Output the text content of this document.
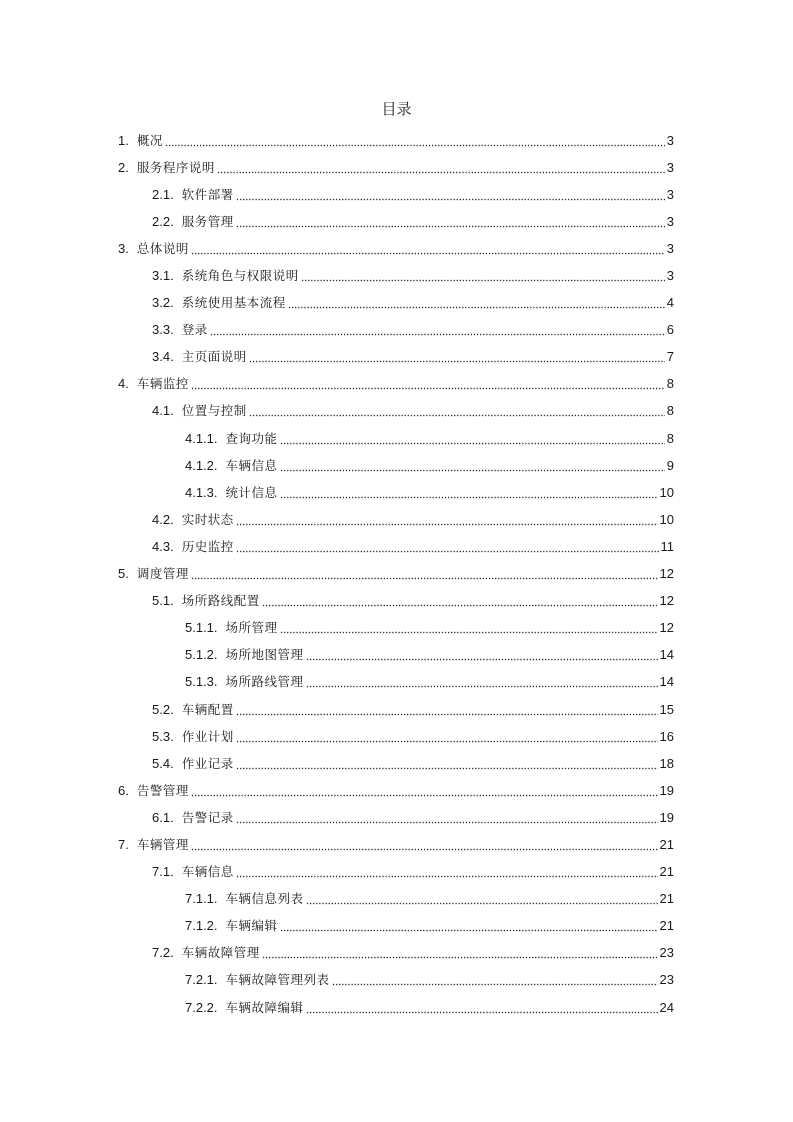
目录
1. 概况	3
2. 服务程序说明	3
2.1. 软件部署	3
2.2. 服务管理	3
3. 总体说明	3
3.1. 系统角色与权限说明	3
3.2. 系统使用基本流程	4
3.3. 登录	6
3.4. 主页面说明	7
4. 车辆监控	8
4.1. 位置与控制	8
4.1.1. 查询功能	8
4.1.2. 车辆信息	9
4.1.3. 统计信息	10
4.2. 实时状态	10
4.3. 历史监控	11
5. 调度管理	12
5.1. 场所路线配置	12
5.1.1. 场所管理	12
5.1.2. 场所地图管理	14
5.1.3. 场所路线管理	14
5.2. 车辆配置	15
5.3. 作业计划	16
5.4. 作业记录	18
6. 告警管理	19
6.1. 告警记录	19
7. 车辆管理	21
7.1. 车辆信息	21
7.1.1. 车辆信息列表	21
7.1.2. 车辆编辑	21
7.2. 车辆故障管理	23
7.2.1. 车辆故障管理列表	23
7.2.2. 车辆故障编辑	24
